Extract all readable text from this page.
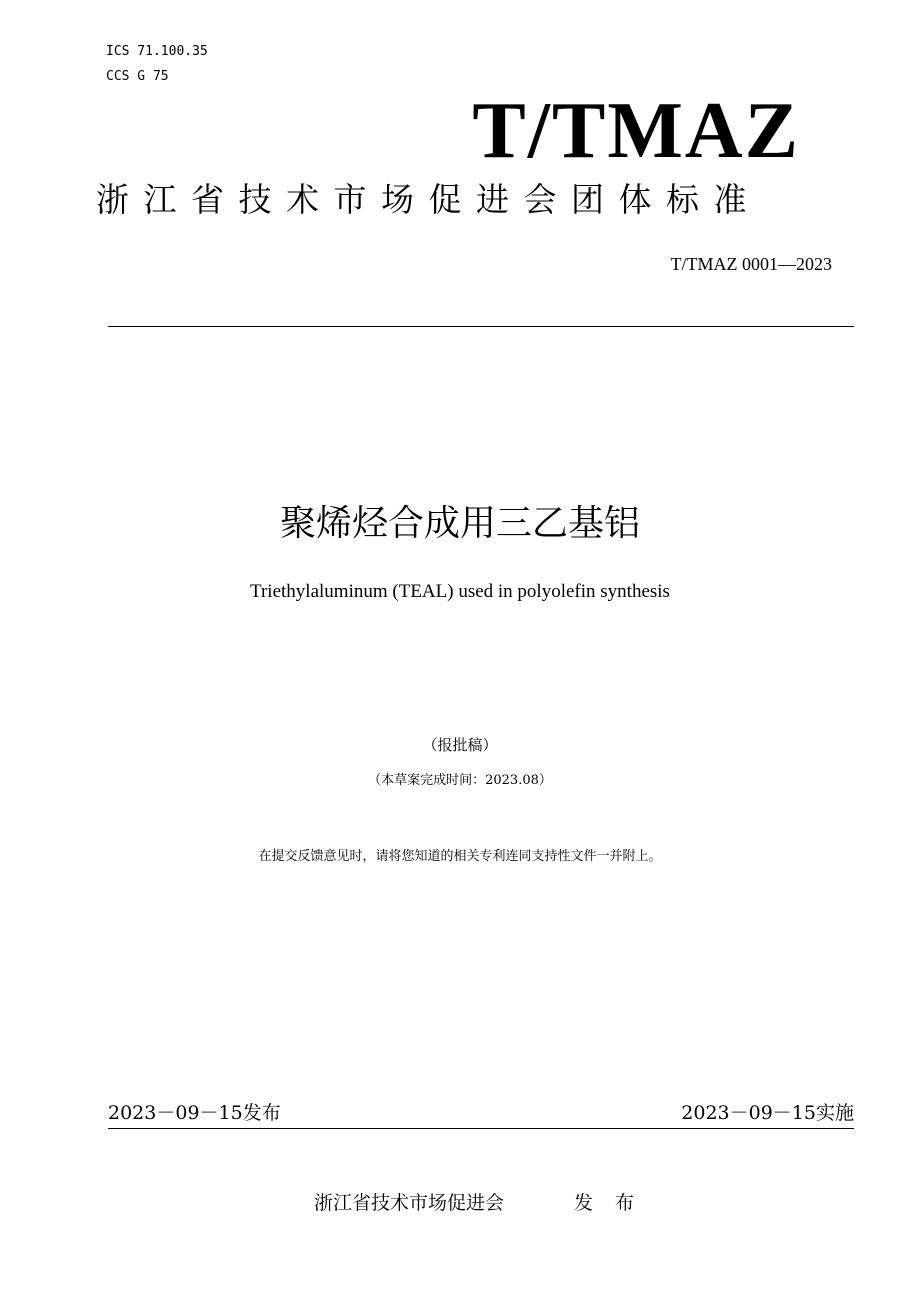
ICS 71.100.35
CCS G 75
T/TMAZ
浙江省技术市场促进会团体标准
T/TMAZ 0001—2023
聚烯烃合成用三乙基铝
Triethylaluminum (TEAL) used in polyolefin synthesis
（报批稿）
（本草案完成时间：2023.08）
在提交反馈意见时，请将您知道的相关专利连同支持性文件一并附上。
2023－09－15发布	2023－09－15实施
浙江省技术市场促进会	发 布
